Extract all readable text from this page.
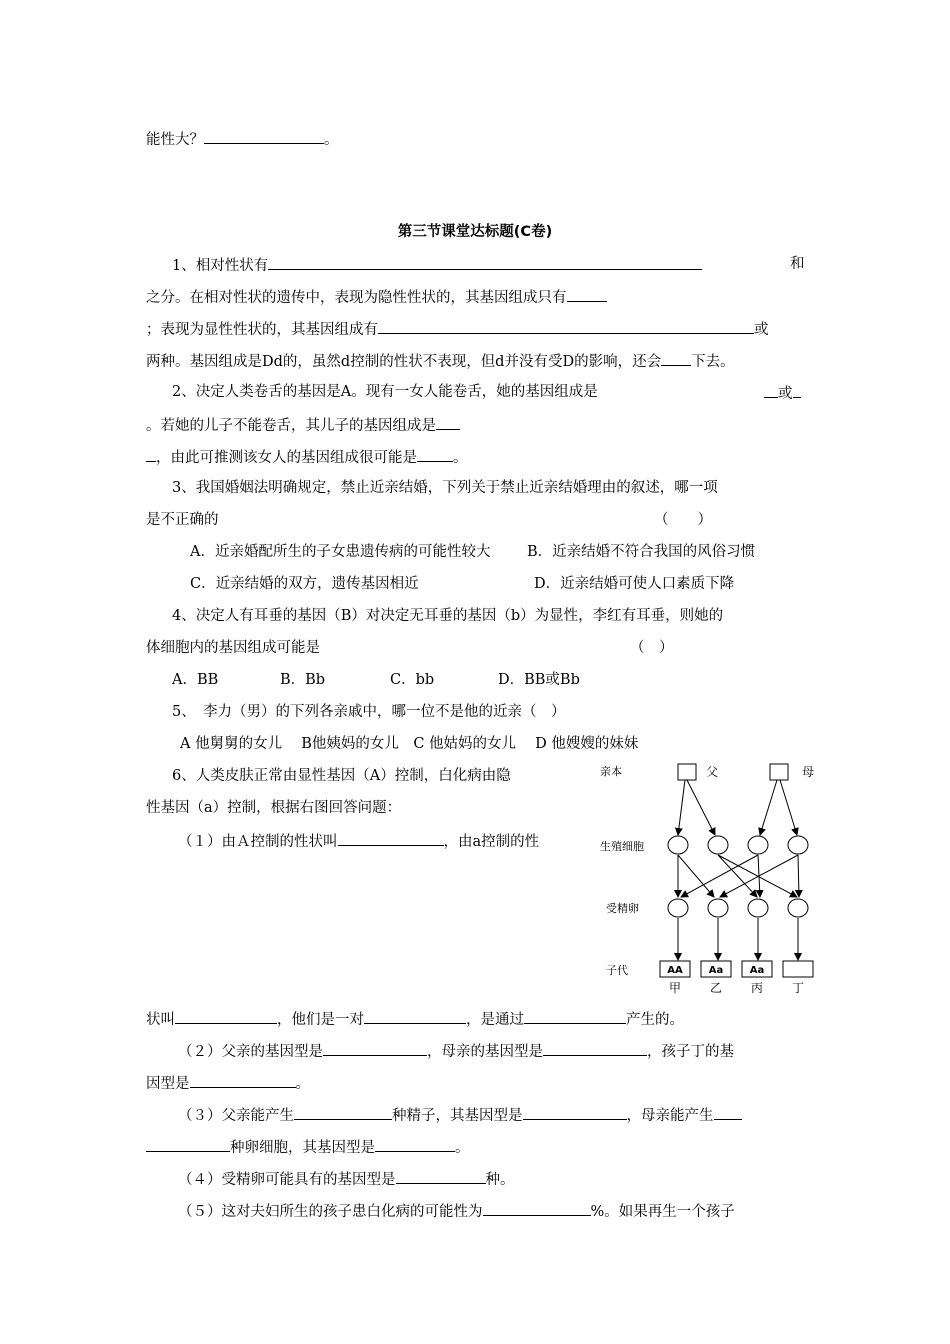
能性大？	。
第三节课堂达标题(C卷)
1、相对性状有	和
之分。在相对性状的遗传中，表现为隐性性状的，其基因组成只有
；表现为显性性状的，其基因组成有	或
两种。基因组成是Dd的，虽然d控制的性状不表现，但d并没有受D的影响，还会 下去。
2、决定人类卷舌的基因是A。现有一女人能卷舌，她的基因组成是	或
。若她的儿子不能卷舌，其儿子的基因组成是
，由此可推测该女人的基因组成很可能是 。
3、我国婚姻法明确规定，禁止近亲结婚，下列关于禁止近亲结婚理由的叙述，哪一项
是不正确的	（　　）
A．近亲婚配所生的子女患遗传病的可能性较大	B．近亲结婚不符合我国的风俗习惯
C．近亲结婚的双方，遗传基因相近	D．近亲结婚可使人口素质下降
4、决定人有耳垂的基因（B）对决定无耳垂的基因（b）为显性，李红有耳垂，则她的
体细胞内的基因组成可能是	（　）
A．BB	B．Bb	C．bb	D．BB或Bb
5、　李力（男）的下列各亲戚中，哪一位不是他的近亲（　）
A 他舅舅的女儿　 B他姨妈的女儿　C 他姑妈的女儿　 D 他嫂嫂的妹妹
6、人类皮肤正常由显性基因（A）控制，白化病由隐
性基因（a）控制，根据右图回答问题：
（１）由Ａ控制的性状叫	，由a控制的性
亲本
生殖细胞
受精卵
子代
父	母
AA	Aa	Aa
甲 乙 丙 丁
状叫	，他们是一对	，是通过	产生的。
（２）父亲的基因型是	，母亲的基因型是	，孩子丁的基
因型是	。
（３）父亲能产生	种精子，其基因型是	，母亲能产生
种卵细胞，其基因型是	。
（４）受精卵可能具有的基因型是	种。
（５）这对夫妇所生的孩子患白化病的可能性为	%。如果再生一个孩子
